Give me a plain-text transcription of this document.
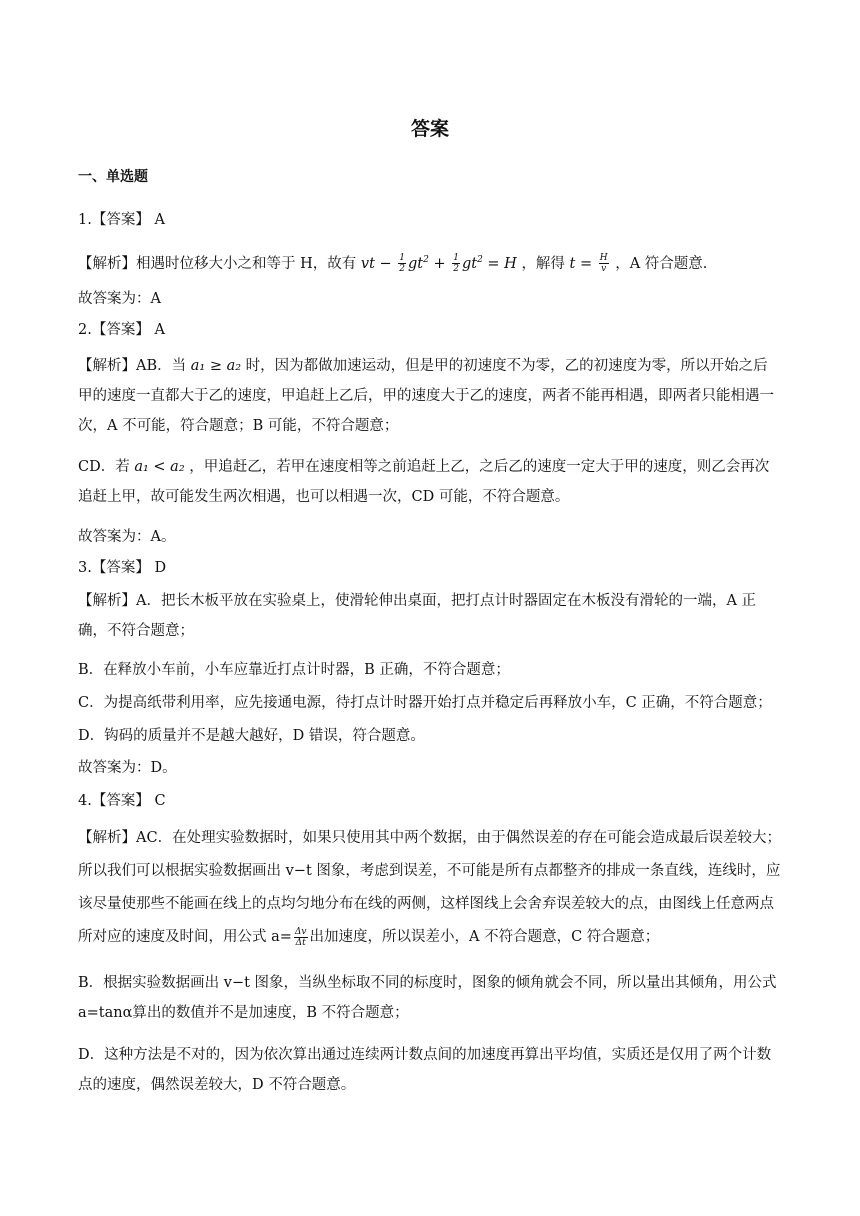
答案
一、单选题

1.【答案】 A

【解析】相遇时位移大小之和等于 H，故有 vt − $\frac{1}{2} gt^2 + \frac{1}{2} gt^2 = H$ ，解得 $t = \frac{H}{v}$ ，A 符合题意.

故答案为：A

2.【答案】 A

【解析】AB．当 a₁ ≥ a₂ 时，因为都做加速运动，但是甲的初速度不为零，乙的初速度为零，所以开始之后甲的速度一直都大于乙的速度，甲追赶上乙后，甲的速度大于乙的速度，两者不能再相遇，即两者只能相遇一次，A 不可能，符合题意；B 可能，不符合题意；

CD．若 a₁ < a₂ ，甲追赶乙，若甲在速度相等之前追赶上乙，之后乙的速度一定大于甲的速度，则乙会再次追赶上甲，故可能发生两次相遇，也可以相遇一次，CD 可能，不符合题意。

故答案为：A。

3.【答案】 D

【解析】A．把长木板平放在实验桌上，使滑轮伸出桌面，把打点计时器固定在木板没有滑轮的一端，A 正确，不符合题意；

B．在释放小车前，小车应靠近打点计时器，B 正确，不符合题意；

C．为提高纸带利用率，应先接通电源，待打点计时器开始打点并稳定后再释放小车，C 正确，不符合题意；

D．钩码的质量并不是越大越好，D 错误，符合题意。

故答案为：D。

4.【答案】 C

【解析】AC．在处理实验数据时，如果只使用其中两个数据，由于偶然误差的存在可能会造成最后误差较大；所以我们可以根据实验数据画出 v−t 图象，考虑到误差，不可能是所有点都整齐的排成一条直线，连线时，应该尽量使那些不能画在线上的点均匀地分布在线的两侧，这样图线上会舍弃误差较大的点，由图线上任意两点所对应的速度及时间，用公式 $a= \frac{\Delta v}{\Delta t}$ 出加速度，所以误差小，A 不符合题意，C 符合题意；

B．根据实验数据画出 v−t 图象，当纵坐标取不同的标度时，图象的倾角就会不同，所以量出其倾角，用公式 a=tanα算出的数值并不是加速度，B 不符合题意；

D．这种方法是不对的，因为依次算出通过连续两计数点间的加速度再算出平均值，实质还是仅用了两个计数点的速度，偶然误差较大，D 不符合题意。
